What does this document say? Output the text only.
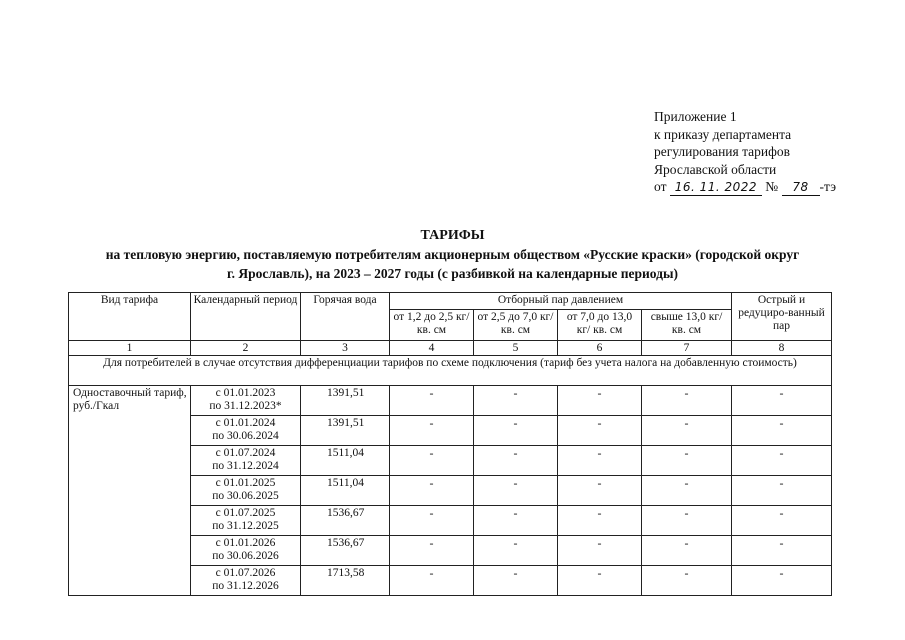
Приложение 1
к приказу департамента
регулирования тарифов
Ярославской области
от 16. 11. 2022 № 78 -тэ
ТАРИФЫ
на тепловую энергию, поставляемую потребителям акционерным обществом «Русские краски» (городской округ
г. Ярославль), на 2023 – 2027 годы (с разбивкой на календарные периоды)
Вид тарифа	Календарный период	Горячая вода	Отборный пар давлением				Острый и редуциро-ванный пар
			от 1,2 до 2,5 кг/ кв. см	от 2,5 до 7,0 кг/ кв. см	от 7,0 до 13,0 кг/ кв. см	свыше 13,0 кг/ кв. см	
1	2	3	4	5	6	7	8
Для потребителей в случае отсутствия дифференциации тарифов по схеме подключения (тариф без учета налога на добавленную стоимость)							
Одноставочный тариф, руб./Гкал	с 01.01.2023
по 31.12.2023*	1391,51	-	-	-	-	-
	с 01.01.2024
по 30.06.2024	1391,51	-	-	-	-	-
	с 01.07.2024
по 31.12.2024	1511,04	-	-	-	-	-
	с 01.01.2025
по 30.06.2025	1511,04	-	-	-	-	-
	с 01.07.2025
по 31.12.2025	1536,67	-	-	-	-	-
	с 01.01.2026
по 30.06.2026	1536,67	-	-	-	-	-
	с 01.07.2026
по 31.12.2026	1713,58	-	-	-	-	-
